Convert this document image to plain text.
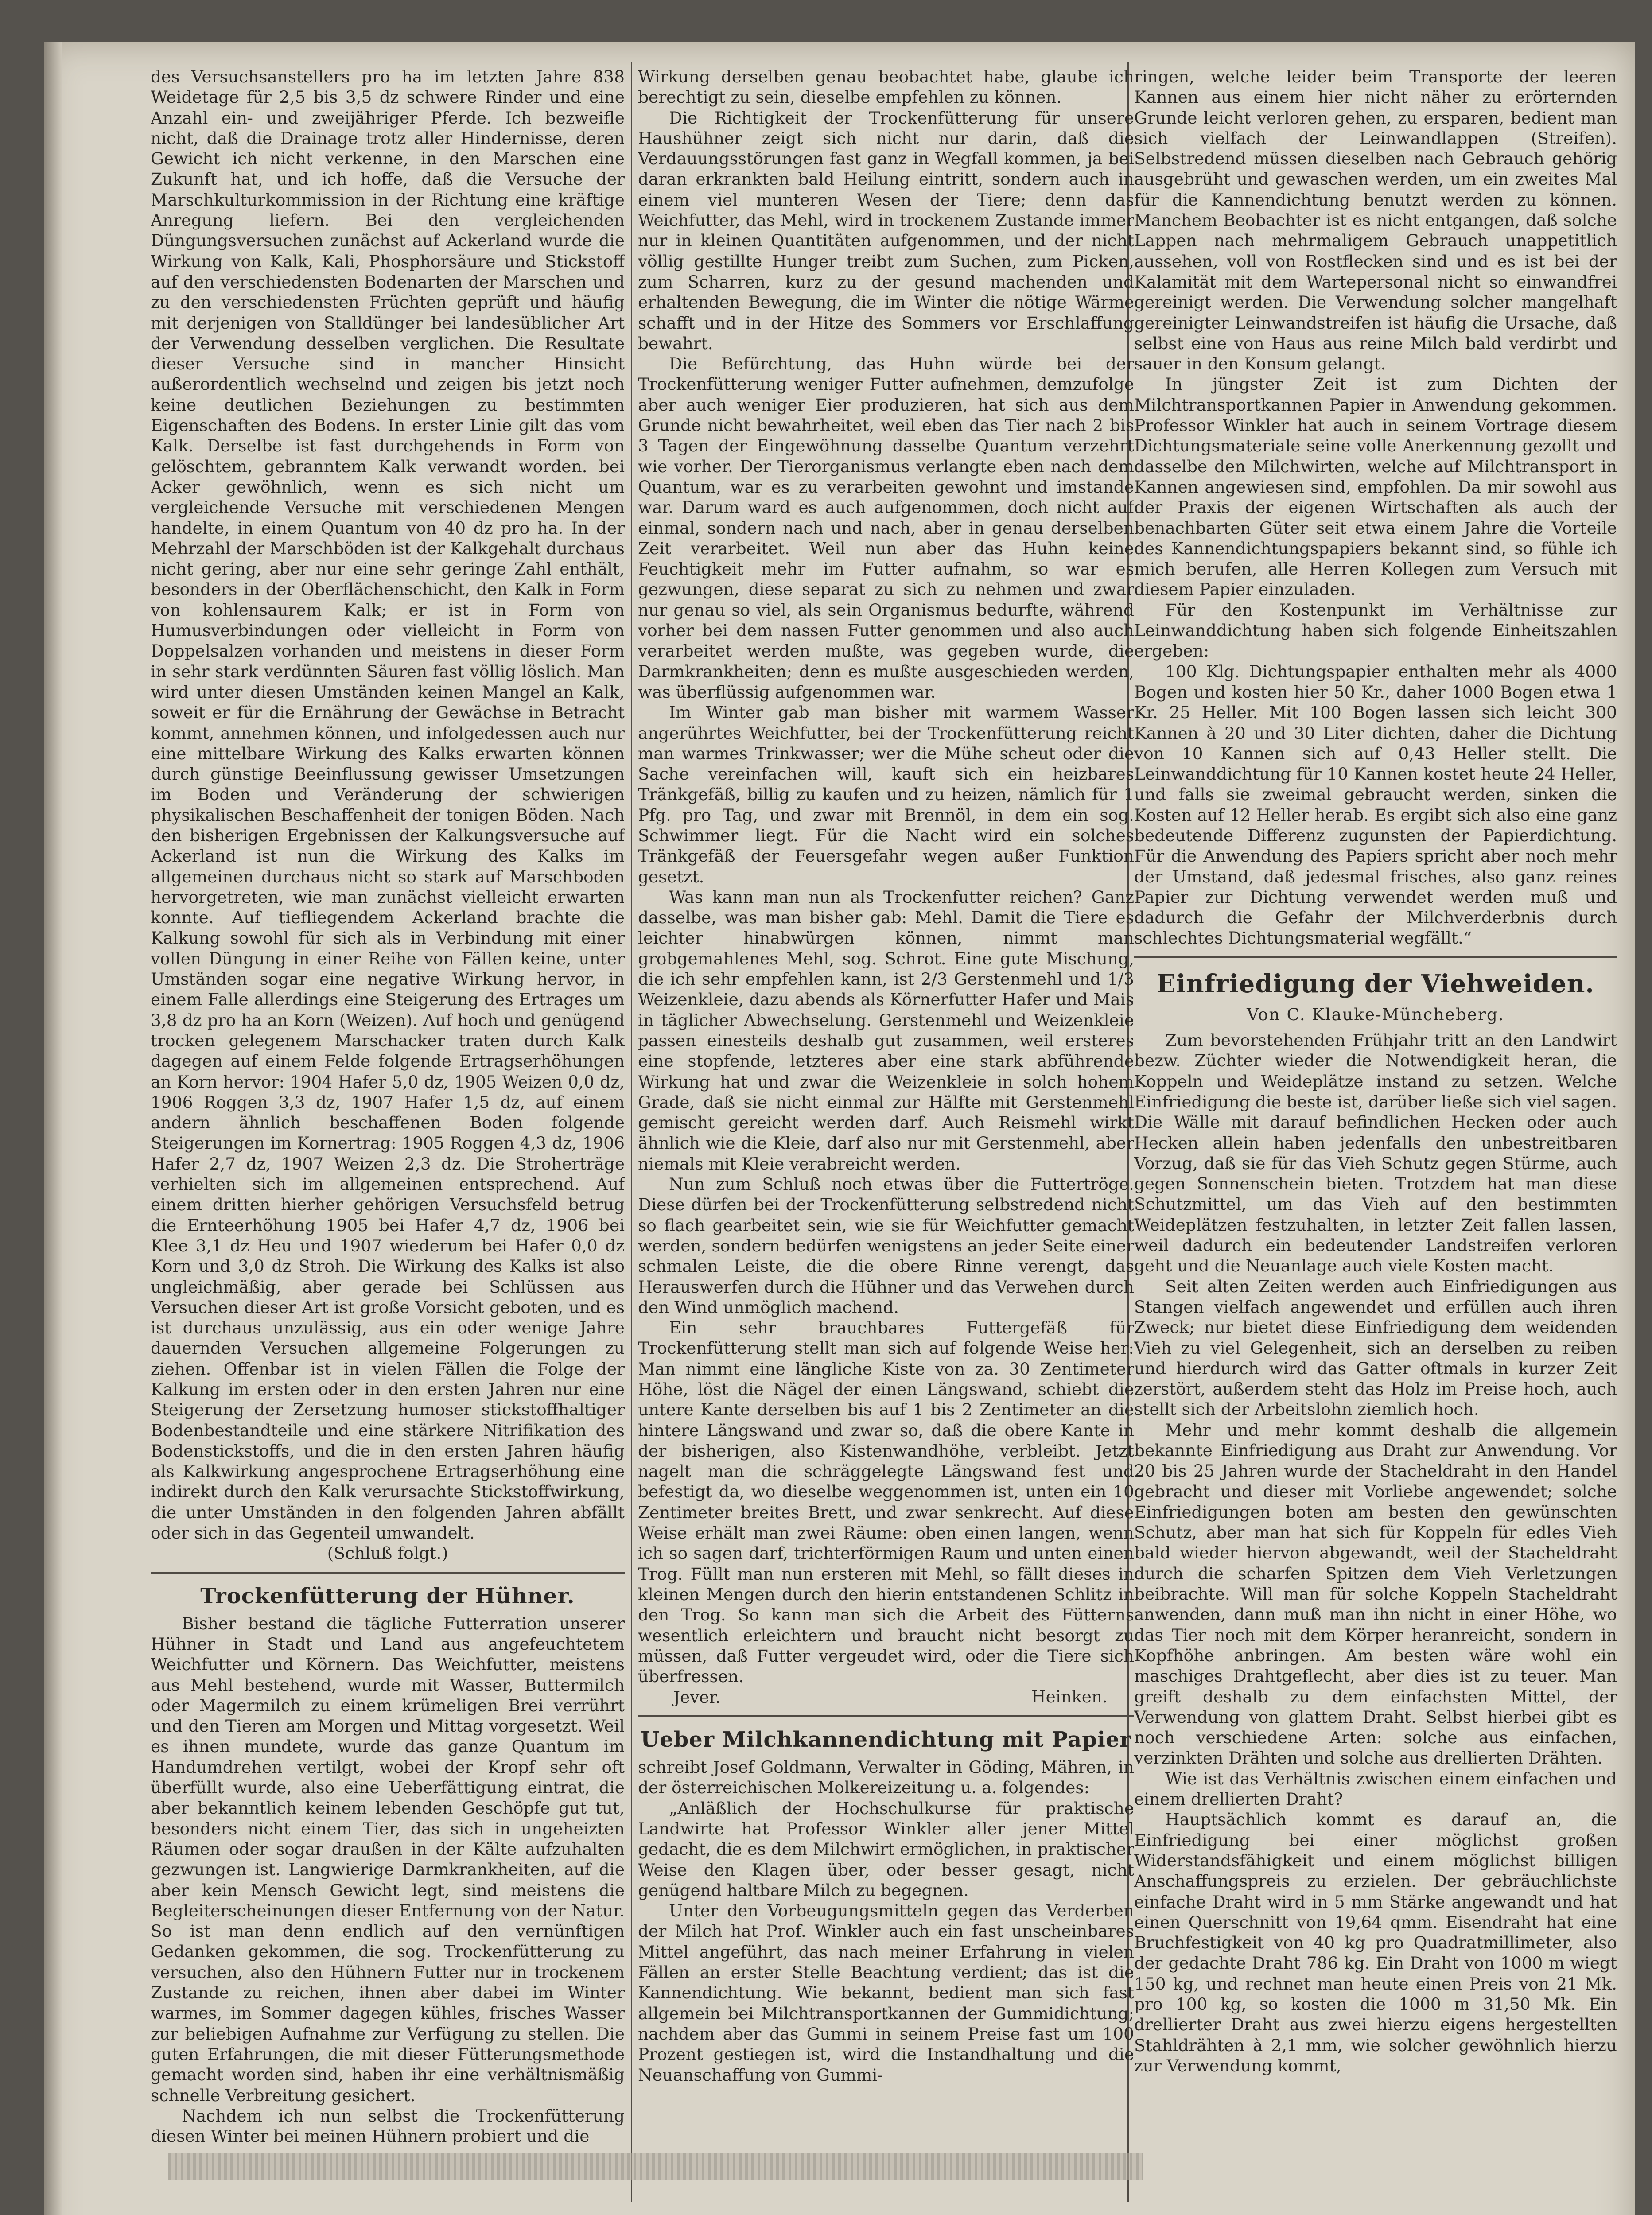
des Versuchsanstellers pro ha im letzten Jahre 838 Weidetage für 2,5 bis 3,5 dz schwere Rinder und eine Anzahl ein- und zweijähriger Pferde. Ich bezweifle nicht, daß die Drainage trotz aller Hindernisse, deren Gewicht ich nicht verkenne, in den Marschen eine Zukunft hat, und ich hoffe, daß die Versuche der Marschkulturkommission in der Richtung eine kräftige Anregung liefern. Bei den vergleichenden Düngungsversuchen zunächst auf Ackerland wurde die Wirkung von Kalk, Kali, Phosphorsäure und Stickstoff auf den verschiedensten Bodenarten der Marschen und zu den verschiedensten Früchten geprüft und häufig mit derjenigen von Stalldünger bei landesüblicher Art der Verwendung desselben verglichen. Die Resultate dieser Versuche sind in mancher Hinsicht außerordentlich wechselnd und zeigen bis jetzt noch keine deutlichen Beziehungen zu bestimmten Eigenschaften des Bodens. In erster Linie gilt das vom Kalk. Derselbe ist fast durchgehends in Form von gelöschtem, gebranntem Kalk verwandt worden. bei Acker gewöhnlich, wenn es sich nicht um vergleichende Versuche mit verschiedenen Mengen handelte, in einem Quantum von 40 dz pro ha. In der Mehrzahl der Marschböden ist der Kalkgehalt durchaus nicht gering, aber nur eine sehr geringe Zahl enthält, besonders in der Oberflächenschicht, den Kalk in Form von kohlensaurem Kalk; er ist in Form von Humusverbindungen oder vielleicht in Form von Doppelsalzen vorhanden und meistens in dieser Form in sehr stark verdünnten Säuren fast völlig löslich. Man wird unter diesen Umständen keinen Mangel an Kalk, soweit er für die Ernährung der Gewächse in Betracht kommt, annehmen können, und infolgedessen auch nur eine mittelbare Wirkung des Kalks erwarten können durch günstige Beeinflussung gewisser Umsetzungen im Boden und Veränderung der schwierigen physikalischen Beschaffenheit der tonigen Böden. Nach den bisherigen Ergebnissen der Kalkungsversuche auf Ackerland ist nun die Wirkung des Kalks im allgemeinen durchaus nicht so stark auf Marschboden hervorgetreten, wie man zunächst vielleicht erwarten konnte. Auf tiefliegendem Ackerland brachte die Kalkung sowohl für sich als in Verbindung mit einer vollen Düngung in einer Reihe von Fällen keine, unter Umständen sogar eine negative Wirkung hervor, in einem Falle allerdings eine Steigerung des Ertrages um 3,8 dz pro ha an Korn (Weizen). Auf hoch und genügend trocken gelegenem Marschacker traten durch Kalk dagegen auf einem Felde folgende Ertragserhöhungen an Korn hervor: 1904 Hafer 5,0 dz, 1905 Weizen 0,0 dz, 1906 Roggen 3,3 dz, 1907 Hafer 1,5 dz, auf einem andern ähnlich beschaffenen Boden folgende Steigerungen im Kornertrag: 1905 Roggen 4,3 dz, 1906 Hafer 2,7 dz, 1907 Weizen 2,3 dz. Die Stroherträge verhielten sich im allgemeinen entsprechend. Auf einem dritten hierher gehörigen Versuchsfeld betrug die Ernteerhöhung 1905 bei Hafer 4,7 dz, 1906 bei Klee 3,1 dz Heu und 1907 wiederum bei Hafer 0,0 dz Korn und 3,0 dz Stroh. Die Wirkung des Kalks ist also ungleichmäßig, aber gerade bei Schlüssen aus Versuchen dieser Art ist große Vorsicht geboten, und es ist durchaus unzulässig, aus ein oder wenige Jahre dauernden Versuchen allgemeine Folgerungen zu ziehen. Offenbar ist in vielen Fällen die Folge der Kalkung im ersten oder in den ersten Jahren nur eine Steigerung der Zersetzung humoser stickstoffhaltiger Bodenbestandteile und eine stärkere Nitrifikation des Bodenstickstoffs, und die in den ersten Jahren häufig als Kalkwirkung angesprochene Ertragserhöhung eine indirekt durch den Kalk verursachte Stickstoffwirkung, die unter Umständen in den folgenden Jahren abfällt oder sich in das Gegenteil umwandelt.

(Schluß folgt.)

Trockenfütterung der Hühner.

Bisher bestand die tägliche Futterration unserer Hühner in Stadt und Land aus angefeuchtetem Weichfutter und Körnern. Das Weichfutter, meistens aus Mehl bestehend, wurde mit Wasser, Buttermilch oder Magermilch zu einem krümeligen Brei verrührt und den Tieren am Morgen und Mittag vorgesetzt. Weil es ihnen mundete, wurde das ganze Quantum im Handumdrehen vertilgt, wobei der Kropf sehr oft überfüllt wurde, also eine Ueberfättigung eintrat, die aber bekanntlich keinem lebenden Geschöpfe gut tut, besonders nicht einem Tier, das sich in ungeheizten Räumen oder sogar draußen in der Kälte aufzuhalten gezwungen ist. Langwierige Darmkrankheiten, auf die aber kein Mensch Gewicht legt, sind meistens die Begleiterscheinungen dieser Entfernung von der Natur. So ist man denn endlich auf den vernünftigen Gedanken gekommen, die sog. Trockenfütterung zu versuchen, also den Hühnern Futter nur in trockenem Zustande zu reichen, ihnen aber dabei im Winter warmes, im Sommer dagegen kühles, frisches Wasser zur beliebigen Aufnahme zur Verfügung zu stellen. Die guten Erfahrungen, die mit dieser Fütterungsmethode gemacht worden sind, haben ihr eine verhältnismäßig schnelle Verbreitung gesichert.

Nachdem ich nun selbst die Trockenfütterung diesen Winter bei meinen Hühnern probiert und die

Wirkung derselben genau beobachtet habe, glaube ich berechtigt zu sein, dieselbe empfehlen zu können.

Die Richtigkeit der Trockenfütterung für unsere Haushühner zeigt sich nicht nur darin, daß die Verdauungsstörungen fast ganz in Wegfall kommen, ja bei daran erkrankten bald Heilung eintritt, sondern auch in einem viel munteren Wesen der Tiere; denn das Weichfutter, das Mehl, wird in trockenem Zustande immer nur in kleinen Quantitäten aufgenommen, und der nicht völlig gestillte Hunger treibt zum Suchen, zum Picken, zum Scharren, kurz zu der gesund machenden und erhaltenden Bewegung, die im Winter die nötige Wärme schafft und in der Hitze des Sommers vor Erschlaffung bewahrt.

Die Befürchtung, das Huhn würde bei der Trockenfütterung weniger Futter aufnehmen, demzufolge aber auch weniger Eier produzieren, hat sich aus dem Grunde nicht bewahrheitet, weil eben das Tier nach 2 bis 3 Tagen der Eingewöhnung dasselbe Quantum verzehrt wie vorher. Der Tierorganismus verlangte eben nach dem Quantum, war es zu verarbeiten gewohnt und imstande war. Darum ward es auch aufgenommen, doch nicht auf einmal, sondern nach und nach, aber in genau derselben Zeit verarbeitet. Weil nun aber das Huhn keine Feuchtigkeit mehr im Futter aufnahm, so war es gezwungen, diese separat zu sich zu nehmen und zwar nur genau so viel, als sein Organismus bedurfte, während vorher bei dem nassen Futter genommen und also auch verarbeitet werden mußte, was gegeben wurde, die Darmkrankheiten; denn es mußte ausgeschieden werden, was überflüssig aufgenommen war.

Im Winter gab man bisher mit warmem Wasser angerührtes Weichfutter, bei der Trockenfütterung reicht man warmes Trinkwasser; wer die Mühe scheut oder die Sache vereinfachen will, kauft sich ein heizbares Tränkgefäß, billig zu kaufen und zu heizen, nämlich für 1 Pfg. pro Tag, und zwar mit Brennöl, in dem ein sog. Schwimmer liegt. Für die Nacht wird ein solches Tränkgefäß der Feuersgefahr wegen außer Funktion gesetzt.

Was kann man nun als Trockenfutter reichen? Ganz dasselbe, was man bisher gab: Mehl. Damit die Tiere es leichter hinabwürgen können, nimmt man grobgemahlenes Mehl, sog. Schrot. Eine gute Mischung, die ich sehr empfehlen kann, ist 2/3 Gerstenmehl und 1/3 Weizenkleie, dazu abends als Körnerfutter Hafer und Mais in täglicher Abwechselung. Gerstenmehl und Weizenkleie passen einesteils deshalb gut zusammen, weil ersteres eine stopfende, letzteres aber eine stark abführende Wirkung hat und zwar die Weizenkleie in solch hohem Grade, daß sie nicht einmal zur Hälfte mit Gerstenmehl gemischt gereicht werden darf. Auch Reismehl wirkt ähnlich wie die Kleie, darf also nur mit Gerstenmehl, aber niemals mit Kleie verabreicht werden.

Nun zum Schluß noch etwas über die Futtertröge. Diese dürfen bei der Trockenfütterung selbstredend nicht so flach gearbeitet sein, wie sie für Weichfutter gemacht werden, sondern bedürfen wenigstens an jeder Seite einer schmalen Leiste, die die obere Rinne verengt, das Herauswerfen durch die Hühner und das Verwehen durch den Wind unmöglich machend.

Ein sehr brauchbares Futtergefäß für Trockenfütterung stellt man sich auf folgende Weise her: Man nimmt eine längliche Kiste von za. 30 Zentimeter Höhe, löst die Nägel der einen Längswand, schiebt die untere Kante derselben bis auf 1 bis 2 Zentimeter an die hintere Längswand und zwar so, daß die obere Kante in der bisherigen, also Kistenwandhöhe, verbleibt. Jetzt nagelt man die schräggelegte Längswand fest und befestigt da, wo dieselbe weggenommen ist, unten ein 10 Zentimeter breites Brett, und zwar senkrecht. Auf diese Weise erhält man zwei Räume: oben einen langen, wenn ich so sagen darf, trichterförmigen Raum und unten einen Trog. Füllt man nun ersteren mit Mehl, so fällt dieses in kleinen Mengen durch den hierin entstandenen Schlitz in den Trog. So kann man sich die Arbeit des Fütterns wesentlich erleichtern und braucht nicht besorgt zu müssen, daß Futter vergeudet wird, oder die Tiere sich überfressen.

Heinken.

Jever.

Ueber Milchkannendichtung mit Papier

schreibt Josef Goldmann, Verwalter in Göding, Mähren, in der österreichischen Molkereizeitung u. a. folgendes:

„Anläßlich der Hochschulkurse für praktische Landwirte hat Professor Winkler aller jener Mittel gedacht, die es dem Milchwirt ermöglichen, in praktischer Weise den Klagen über, oder besser gesagt, nicht genügend haltbare Milch zu begegnen.

Unter den Vorbeugungsmitteln gegen das Verderben der Milch hat Prof. Winkler auch ein fast unscheinbares Mittel angeführt, das nach meiner Erfahrung in vielen Fällen an erster Stelle Beachtung verdient; das ist die Kannendichtung. Wie bekannt, bedient man sich fast allgemein bei Milchtransportkannen der Gummidichtung; nachdem aber das Gummi in seinem Preise fast um 100 Prozent gestiegen ist, wird die Instandhaltung und die Neuanschaffung von Gummi-

ringen, welche leider beim Transporte der leeren Kannen aus einem hier nicht näher zu erörternden Grunde leicht verloren gehen, zu ersparen, bedient man sich vielfach der Leinwandlappen (Streifen). Selbstredend müssen dieselben nach Gebrauch gehörig ausgebrüht und gewaschen werden, um ein zweites Mal für die Kannendichtung benutzt werden zu können. Manchem Beobachter ist es nicht entgangen, daß solche Lappen nach mehrmaligem Gebrauch unappetitlich aussehen, voll von Rostflecken sind und es ist bei der Kalamität mit dem Wartepersonal nicht so einwandfrei gereinigt werden. Die Verwendung solcher mangelhaft gereinigter Leinwandstreifen ist häufig die Ursache, daß selbst eine von Haus aus reine Milch bald verdirbt und sauer in den Konsum gelangt.

In jüngster Zeit ist zum Dichten der Milchtransportkannen Papier in Anwendung gekommen. Professor Winkler hat auch in seinem Vortrage diesem Dichtungsmateriale seine volle Anerkennung gezollt und dasselbe den Milchwirten, welche auf Milchtransport in Kannen angewiesen sind, empfohlen. Da mir sowohl aus der Praxis der eigenen Wirtschaften als auch der benachbarten Güter seit etwa einem Jahre die Vorteile des Kannendichtungspapiers bekannt sind, so fühle ich mich berufen, alle Herren Kollegen zum Versuch mit diesem Papier einzuladen.

Für den Kostenpunkt im Verhältnisse zur Leinwanddichtung haben sich folgende Einheitszahlen ergeben:

100 Klg. Dichtungspapier enthalten mehr als 4000 Bogen und kosten hier 50 Kr., daher 1000 Bogen etwa 1 Kr. 25 Heller. Mit 100 Bogen lassen sich leicht 300 Kannen à 20 und 30 Liter dichten, daher die Dichtung von 10 Kannen sich auf 0,43 Heller stellt. Die Leinwanddichtung für 10 Kannen kostet heute 24 Heller, und falls sie zweimal gebraucht werden, sinken die Kosten auf 12 Heller herab. Es ergibt sich also eine ganz bedeutende Differenz zugunsten der Papierdichtung. Für die Anwendung des Papiers spricht aber noch mehr der Umstand, daß jedesmal frisches, also ganz reines Papier zur Dichtung verwendet werden muß und dadurch die Gefahr der Milchverderbnis durch schlechtes Dichtungsmaterial wegfällt.“

Einfriedigung der Viehweiden.

Von C. Klauke-Müncheberg.

Zum bevorstehenden Frühjahr tritt an den Landwirt bezw. Züchter wieder die Notwendigkeit heran, die Koppeln und Weideplätze instand zu setzen. Welche Einfriedigung die beste ist, darüber ließe sich viel sagen. Die Wälle mit darauf befindlichen Hecken oder auch Hecken allein haben jedenfalls den unbestreitbaren Vorzug, daß sie für das Vieh Schutz gegen Stürme, auch gegen Sonnenschein bieten. Trotzdem hat man diese Schutzmittel, um das Vieh auf den bestimmten Weideplätzen festzuhalten, in letzter Zeit fallen lassen, weil dadurch ein bedeutender Landstreifen verloren geht und die Neuanlage auch viele Kosten macht.

Seit alten Zeiten werden auch Einfriedigungen aus Stangen vielfach angewendet und erfüllen auch ihren Zweck; nur bietet diese Einfriedigung dem weidenden Vieh zu viel Gelegenheit, sich an derselben zu reiben und hierdurch wird das Gatter oftmals in kurzer Zeit zerstört, außerdem steht das Holz im Preise hoch, auch stellt sich der Arbeitslohn ziemlich hoch.

Mehr und mehr kommt deshalb die allgemein bekannte Einfriedigung aus Draht zur Anwendung. Vor 20 bis 25 Jahren wurde der Stacheldraht in den Handel gebracht und dieser mit Vorliebe angewendet; solche Einfriedigungen boten am besten den gewünschten Schutz, aber man hat sich für Koppeln für edles Vieh bald wieder hiervon abgewandt, weil der Stacheldraht durch die scharfen Spitzen dem Vieh Verletzungen beibrachte. Will man für solche Koppeln Stacheldraht anwenden, dann muß man ihn nicht in einer Höhe, wo das Tier noch mit dem Körper heranreicht, sondern in Kopfhöhe anbringen. Am besten wäre wohl ein maschiges Drahtgeflecht, aber dies ist zu teuer. Man greift deshalb zu dem einfachsten Mittel, der Verwendung von glattem Draht. Selbst hierbei gibt es noch verschiedene Arten: solche aus einfachen, verzinkten Drähten und solche aus drellierten Drähten.

Wie ist das Verhältnis zwischen einem einfachen und einem drellierten Draht?

Hauptsächlich kommt es darauf an, die Einfriedigung bei einer möglichst großen Widerstandsfähigkeit und einem möglichst billigen Anschaffungspreis zu erzielen. Der gebräuchlichste einfache Draht wird in 5 mm Stärke angewandt und hat einen Querschnitt von 19,64 qmm. Eisendraht hat eine Bruchfestigkeit von 40 kg pro Quadratmillimeter, also der gedachte Draht 786 kg. Ein Draht von 1000 m wiegt 150 kg, und rechnet man heute einen Preis von 21 Mk. pro 100 kg, so kosten die 1000 m 31,50 Mk. Ein drellierter Draht aus zwei hierzu eigens hergestellten Stahldrähten à 2,1 mm, wie solcher gewöhnlich hierzu zur Verwendung kommt,
